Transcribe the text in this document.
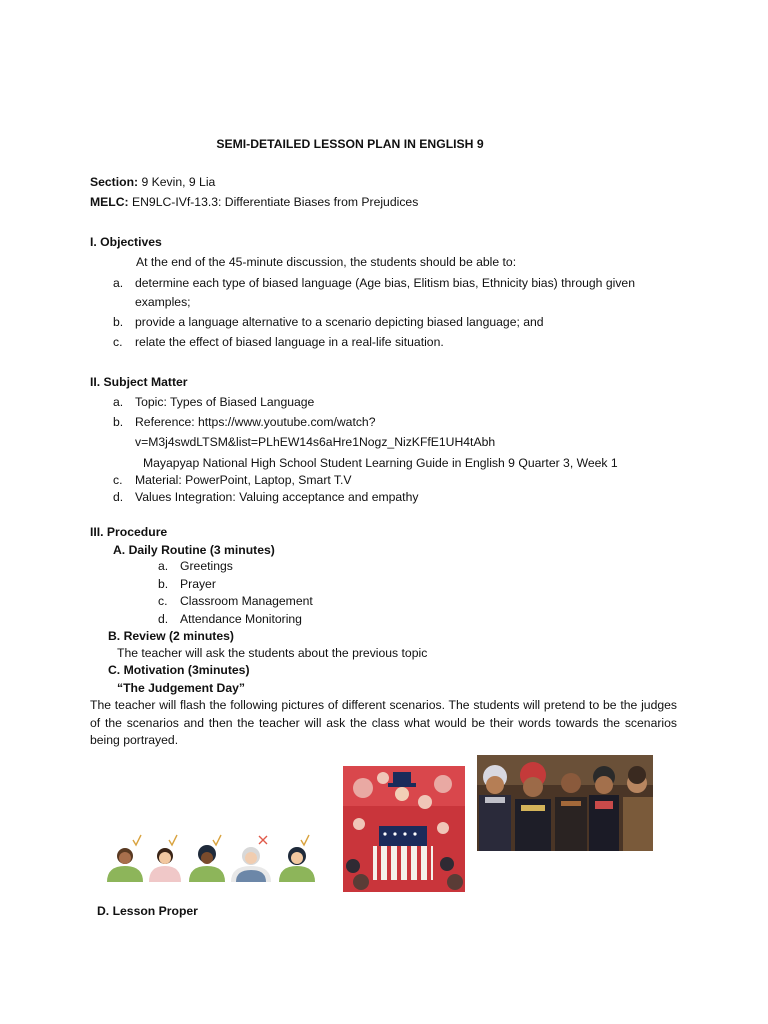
SEMI-DETAILED LESSON PLAN IN ENGLISH 9
Section: 9 Kevin, 9 Lia
MELC: EN9LC-IVf-13.3: Differentiate Biases from Prejudices
I. Objectives
At the end of the 45-minute discussion, the students should be able to:
a. determine each type of biased language (Age bias, Elitism bias, Ethnicity bias) through given
examples;
b. provide a language alternative to a scenario depicting biased language; and
c. relate the effect of biased language in a real-life situation.
II. Subject Matter
a. Topic: Types of Biased Language
b. Reference: https://www.youtube.com/watch?
v=M3j4swdLTSM&list=PLhEW14s6aHre1Nogz_NizKFfE1UH4tAbh
Mayapyap National High School Student Learning Guide in English 9 Quarter 3, Week 1
c. Material: PowerPoint, Laptop, Smart T.V
d. Values Integration: Valuing acceptance and empathy
III. Procedure
A. Daily Routine (3 minutes)
a. Greetings
b. Prayer
c. Classroom Management
d. Attendance Monitoring
B. Review (2 minutes)
The teacher will ask the students about the previous topic
C. Motivation (3minutes)
“The Judgement Day”
The teacher will flash the following pictures of different scenarios. The students will pretend to be the judges of the scenarios and then the teacher will ask the class what would be their words towards the scenarios being portrayed.
D. Lesson Proper
